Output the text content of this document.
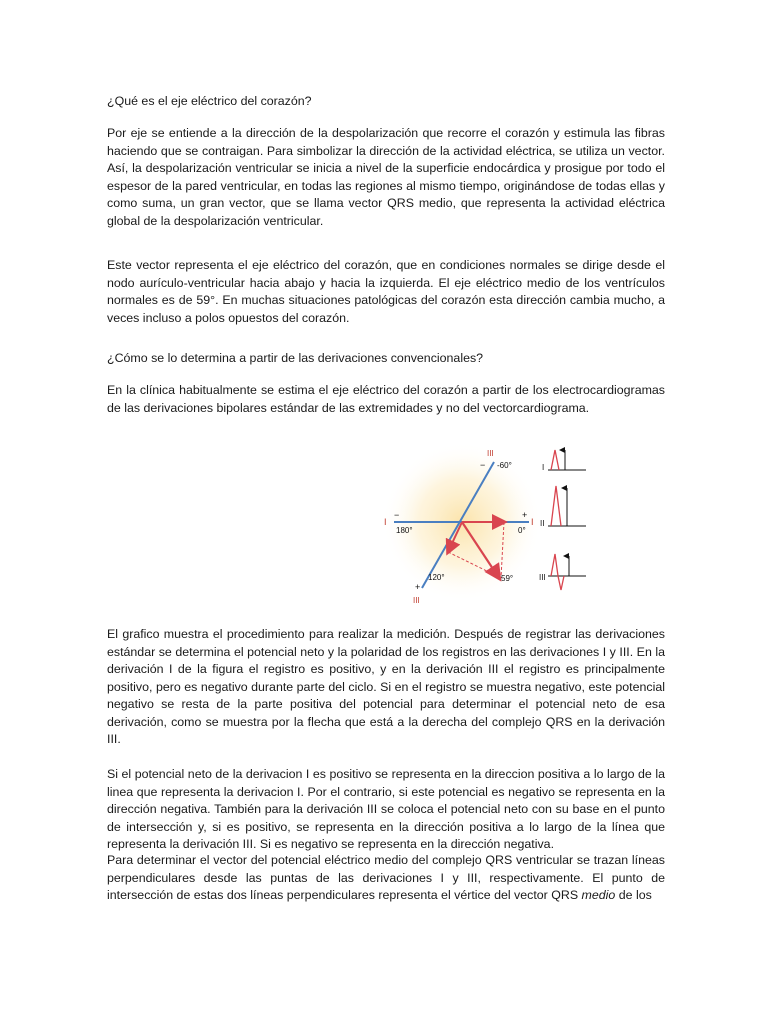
¿Qué es el eje eléctrico del corazón?

Por eje se entiende a la dirección de la despolarización que recorre el corazón y estimula las fibras haciendo que se contraigan. Para simbolizar la dirección de la actividad eléctrica, se utiliza un vector. Así, la despolarización ventricular se inicia a nivel de la superficie endocárdica y prosigue por todo el espesor de la pared ventricular, en todas las regiones al mismo tiempo, originándose de todas ellas y como suma, un gran vector, que se llama vector QRS medio, que representa la actividad eléctrica global de la despolarización ventricular.

Este vector representa el eje eléctrico del corazón, que en condiciones normales se dirige desde el nodo aurículo-ventricular hacia abajo y hacia la izquierda. El eje eléctrico medio de los ventrículos normales es de 59°. En muchas situaciones patológicas del corazón esta dirección cambia mucho, a veces incluso a polos opuestos del corazón.

¿Cómo se lo determina a partir de las derivaciones convencionales?

En la clínica habitualmente se estima el eje eléctrico del corazón a partir de los electrocardiogramas de las derivaciones bipolares estándar de las extremidades y no del vectorcardiograma.

III
− -60°
I
−
180°
+
I
0°
120°	59°
+
III
I
II
III

El grafico muestra el procedimiento para realizar la medición. Después de registrar las derivaciones estándar se determina el potencial neto y la polaridad de los registros en las derivaciones I y III. En la derivación I de la figura el registro es positivo, y en la derivación III el registro es principalmente positivo, pero es negativo durante parte del ciclo. Si en el registro se muestra negativo, este potencial negativo se resta de la parte positiva del potencial para determinar el potencial neto de esa derivación, como se muestra por la flecha que está a la derecha del complejo QRS en la derivación III.

Si el potencial neto de la derivacion I es positivo se representa en la direccion positiva a lo largo de la linea que representa la derivacion I. Por el contrario, si este potencial es negativo se representa en la dirección negativa. También para la derivación III se coloca el potencial neto con su base en el punto de intersección y, si es positivo, se representa en la dirección positiva a lo largo de la línea que representa la derivación III. Si es negativo se representa en la dirección negativa.

Para determinar el vector del potencial eléctrico medio del complejo QRS ventricular se trazan líneas perpendiculares desde las puntas de las derivaciones I y III, respectivamente. El punto de intersección de estas dos líneas perpendiculares representa el vértice del vector QRS medio de los
